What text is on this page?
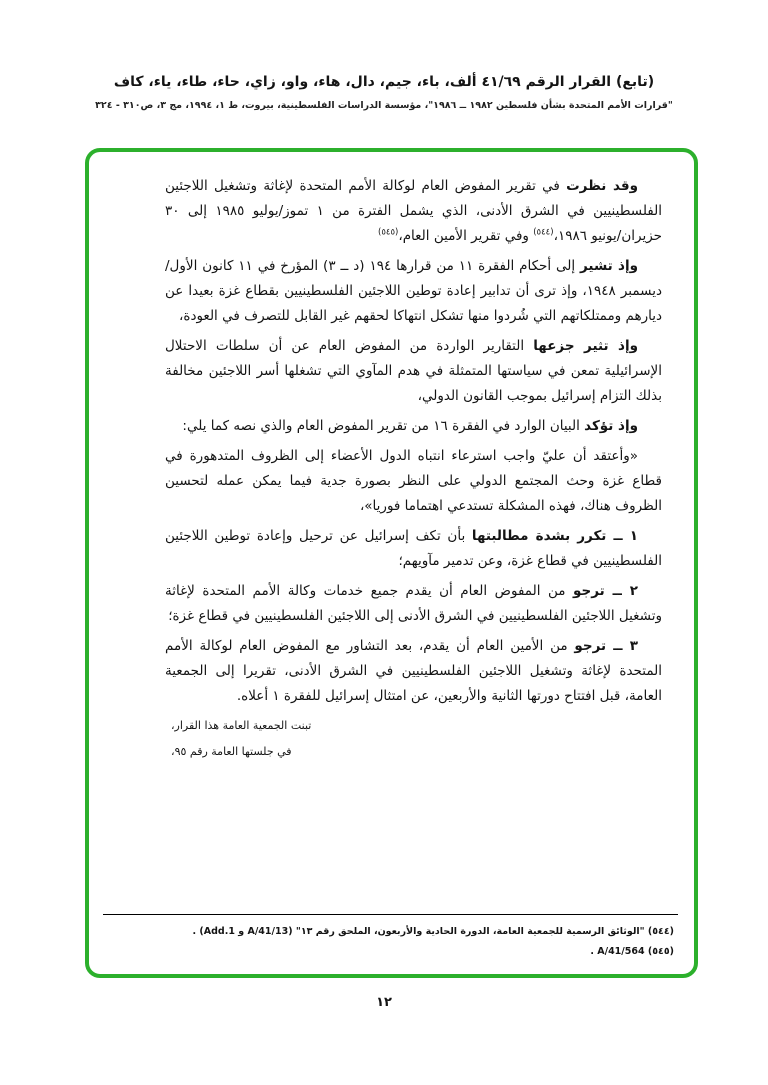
(تابع) القرار الرقم ٤١/٦٩ ألف، باء، جيم، دال، هاء، واو، زاي، حاء، طاء، ياء، كاف

"قرارات الأمم المتحدة بشأن فلسطين ١٩٨٢ ــ ١٩٨٦"، مؤسسة الدراسات الفلسطينية، بيروت، ط ١، ١٩٩٤، مج ٣، ص٣١٠ - ٣٢٤

وقد نظرت في تقرير المفوض العام لوكالة الأمم المتحدة لإغاثة وتشغيل اللاجئين الفلسطينيين في الشرق الأدنى، الذي يشمل الفترة من ١ تموز/يوليو ١٩٨٥ إلى ٣٠ حزيران/يونيو ١٩٨٦،$^{(٥٤٤)}$ وفي تقرير الأمين العام،$^{(٥٤٥)}$

وإذ تشير إلى أحكام الفقرة ١١ من قرارها ١٩٤ (د ــ ٣) المؤرخ في ١١ كانون الأول/ديسمبر ١٩٤٨، وإذ ترى أن تدابير إعادة توطين اللاجئين الفلسطينيين بقطاع غزة بعيدا عن ديارهم وممتلكاتهم التي شُردوا منها تشكل انتهاكا لحقهم غير القابل للتصرف في العودة،

وإذ تثير جزعها التقارير الواردة من المفوض العام عن أن سلطات الاحتلال الإسرائيلية تمعن في سياستها المتمثلة في هدم المآوي التي تشغلها أسر اللاجئين مخالفة بذلك التزام إسرائيل بموجب القانون الدولي،

وإذ تؤكد البيان الوارد في الفقرة ١٦ من تقرير المفوض العام والذي نصه كما يلي:

«وأعتقد أن عليّ واجب استرعاء انتباه الدول الأعضاء إلى الظروف المتدهورة في قطاع غزة وحث المجتمع الدولي على النظر بصورة جدية فيما يمكن عمله لتحسين الظروف هناك، فهذه المشكلة تستدعي اهتماما فوريا»،

١ ــ تكرر بشدة مطالبتها بأن تكف إسرائيل عن ترحيل وإعادة توطين اللاجئين الفلسطينيين في قطاع غزة، وعن تدمير مآويهم؛

٢ ــ ترجو من المفوض العام أن يقدم جميع خدمات وكالة الأمم المتحدة لإغاثة وتشغيل اللاجئين الفلسطينيين في الشرق الأدنى إلى اللاجئين الفلسطينيين في قطاع غزة؛

٣ ــ ترجو من الأمين العام أن يقدم، بعد التشاور مع المفوض العام لوكالة الأمم المتحدة لإغاثة وتشغيل اللاجئين الفلسطينيين في الشرق الأدنى، تقريرا إلى الجمعية العامة، قبل افتتاح دورتها الثانية والأربعين، عن امتثال إسرائيل للفقرة ١ أعلاه.

تبنت الجمعية العامة هذا القرار،

في جلستها العامة رقم ٩٥،

(٥٤٤) "الوثائق الرسمية للجمعية العامة، الدورة الحادية والأربعون، الملحق رقم ١٣" (A/41/13 و Add.1) .

(٥٤٥) A/41/564 .

١٢
